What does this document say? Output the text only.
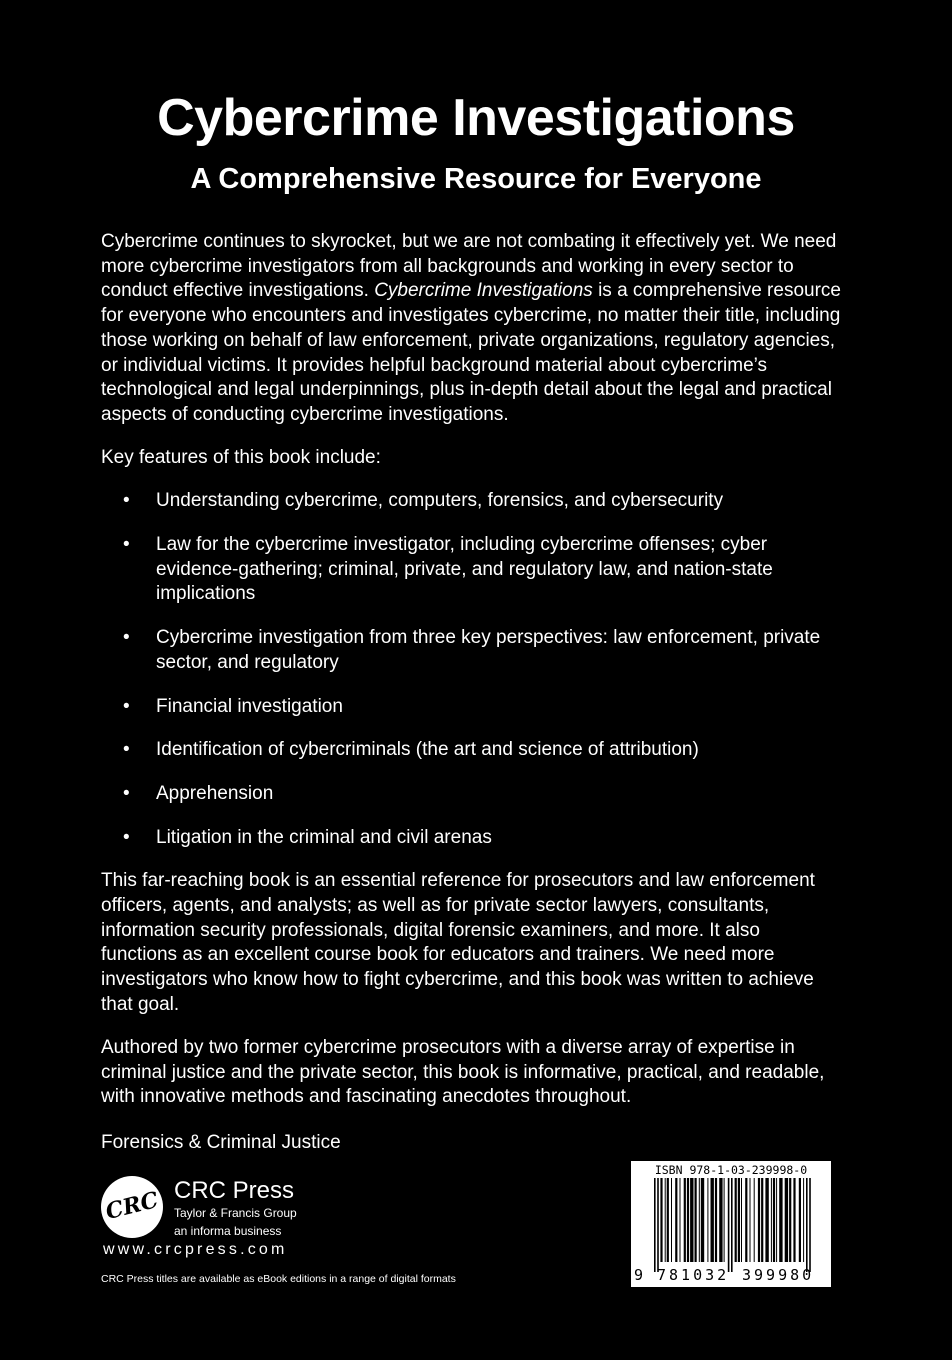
Cybercrime Investigations
A Comprehensive Resource for Everyone

Cybercrime continues to skyrocket, but we are not combating it effectively yet. We need more cybercrime investigators from all backgrounds and working in every sector to conduct effective investigations. Cybercrime Investigations is a comprehensive resource for everyone who encounters and investigates cybercrime, no matter their title, including those working on behalf of law enforcement, private organizations, regulatory agencies, or individual victims. It provides helpful background material about cybercrime’s technological and legal underpinnings, plus in-depth detail about the legal and practical aspects of conducting cybercrime investigations.

Key features of this book include:

• Understanding cybercrime, computers, forensics, and cybersecurity
• Law for the cybercrime investigator, including cybercrime offenses; cyber evidence-gathering; criminal, private, and regulatory law, and nation-state implications
• Cybercrime investigation from three key perspectives: law enforcement, private sector, and regulatory
• Financial investigation
• Identification of cybercriminals (the art and science of attribution)
• Apprehension
• Litigation in the criminal and civil arenas

This far-reaching book is an essential reference for prosecutors and law enforcement officers, agents, and analysts; as well as for private sector lawyers, consultants, information security professionals, digital forensic examiners, and more. It also functions as an excellent course book for educators and trainers. We need more investigators who know how to fight cybercrime, and this book was written to achieve that goal.

Authored by two former cybercrime prosecutors with a diverse array of expertise in criminal justice and the private sector, this book is informative, practical, and readable, with innovative methods and fascinating anecdotes throughout.

Forensics & Criminal Justice

CRC CRC Press

Taylor & Francis Group

an informa business

www.crcpress.com

CRC Press titles are available as eBook editions in a range of digital formats

ISBN 978-1-03-239998-0
9 781032 399980
